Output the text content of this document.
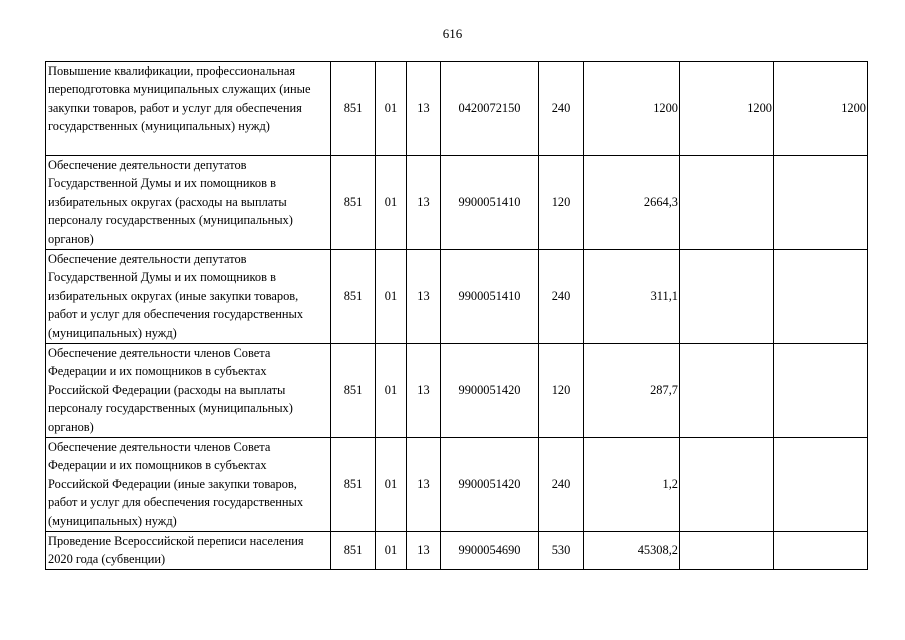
616
Повышение квалификации, профессиональная переподготовка муниципальных служащих (иные закупки товаров, работ и услуг для обеспечения государственных (муниципальных) нужд)	851	01	13	0420072150	240	1200	1200	1200
Обеспечение деятельности депутатов Государственной Думы и их помощников в избирательных округах (расходы на выплаты персоналу государственных (муниципальных) органов)	851	01	13	9900051410	120	2664,3		
Обеспечение деятельности депутатов Государственной Думы и их помощников в избирательных округах (иные закупки товаров, работ и услуг для обеспечения государственных (муниципальных) нужд)	851	01	13	9900051410	240	311,1		
Обеспечение деятельности членов Совета Федерации и их помощников в субъектах Российской Федерации (расходы на выплаты персоналу государственных (муниципальных) органов)	851	01	13	9900051420	120	287,7		
Обеспечение деятельности членов Совета Федерации и их помощников в субъектах Российской Федерации (иные закупки товаров, работ и услуг для обеспечения государственных (муниципальных) нужд)	851	01	13	9900051420	240	1,2		
Проведение Всероссийской переписи населения 2020 года (субвенции)	851	01	13	9900054690	530	45308,2		
